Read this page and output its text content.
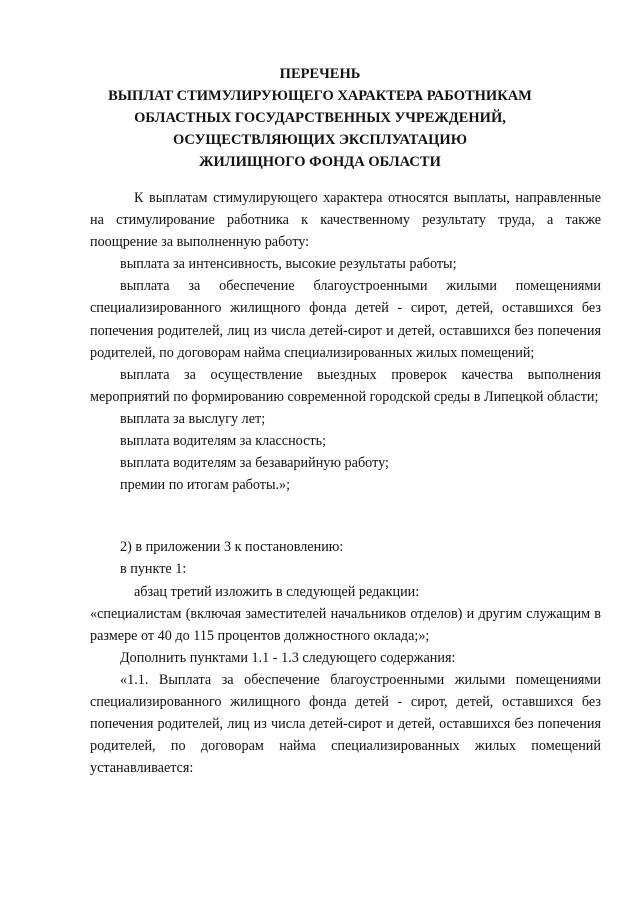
ПЕРЕЧЕНЬ
ВЫПЛАТ СТИМУЛИРУЮЩЕГО ХАРАКТЕРА РАБОТНИКАМ
ОБЛАСТНЫХ ГОСУДАРСТВЕННЫХ УЧРЕЖДЕНИЙ,
ОСУЩЕСТВЛЯЮЩИХ ЭКСПЛУАТАЦИЮ
ЖИЛИЩНОГО ФОНДА ОБЛАСТИ

К выплатам стимулирующего характера относятся выплаты, направленные на стимулирование работника к качественному результату труда, а также поощрение за выполненную работу:

выплата за интенсивность, высокие результаты работы;

выплата за обеспечение благоустроенными жилыми помещениями специализированного жилищного фонда детей - сирот, детей, оставшихся без попечения родителей, лиц из числа детей-сирот и детей, оставшихся без попечения родителей, по договорам найма специализированных жилых помещений;

выплата за осуществление выездных проверок качества выполнения мероприятий по формированию современной городской среды в Липецкой области;

выплата за выслугу лет;

выплата водителям за классность;

выплата водителям за безаварийную работу;

премии по итогам работы.»;

2) в приложении 3 к постановлению:

в пункте 1:

абзац третий изложить в следующей редакции:

«специалистам (включая заместителей начальников отделов) и другим служащим в размере от 40 до 115 процентов должностного оклада;»;

Дополнить пунктами 1.1 - 1.3 следующего содержания:

«1.1. Выплата за обеспечение благоустроенными жилыми помещениями специализированного жилищного фонда детей - сирот, детей, оставшихся без попечения родителей, лиц из числа детей-сирот и детей, оставшихся без попечения родителей, по договорам найма специализированных жилых помещений устанавливается:
